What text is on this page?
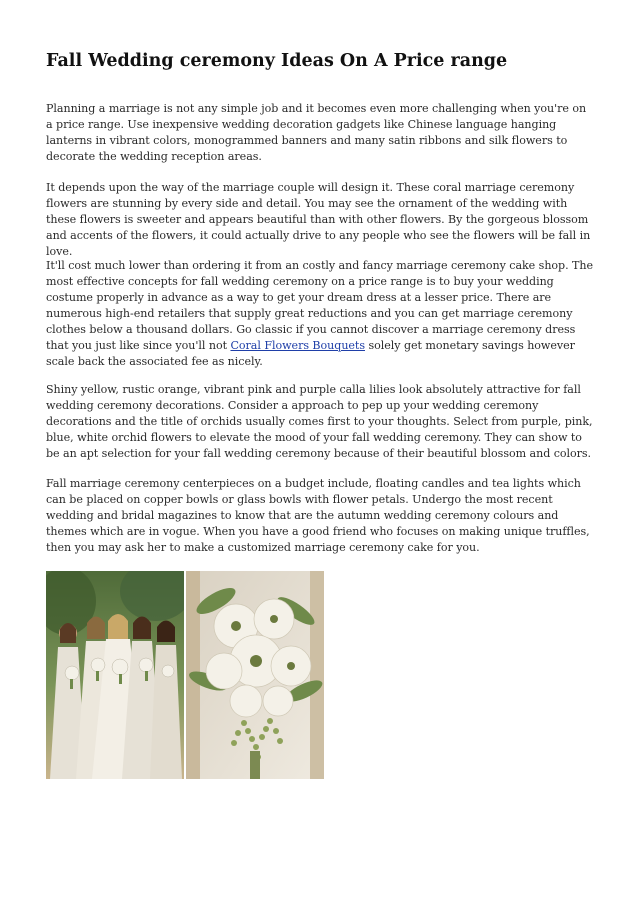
Fall Wedding ceremony Ideas On A Price range

Planning a marriage is not any simple job and it becomes even more challenging when you're on a price range. Use inexpensive wedding decoration gadgets like Chinese language hanging lanterns in vibrant colors, monogrammed banners and many satin ribbons and silk flowers to decorate the wedding reception areas.

It depends upon the way of the marriage couple will design it. These coral marriage ceremony flowers are stunning by every side and detail. You may see the ornament of the wedding with these flowers is sweeter and appears beautiful than with other flowers. By the gorgeous blossom and accents of the flowers, it could actually drive to any people who see the flowers will be fall in love.

It'll cost much lower than ordering it from an costly and fancy marriage ceremony cake shop. The most effective concepts for fall wedding ceremony on a price range is to buy your wedding costume properly in advance as a way to get your dream dress at a lesser price. There are numerous high-end retailers that supply great reductions and you can get marriage ceremony clothes below a thousand dollars. Go classic if you cannot discover a marriage ceremony dress that you just like since you'll not Coral Flowers Bouquets solely get monetary savings however scale back the associated fee as nicely.

Shiny yellow, rustic orange, vibrant pink and purple calla lilies look absolutely attractive for fall wedding ceremony decorations. Consider a approach to pep up your wedding ceremony decorations and the title of orchids usually comes first to your thoughts. Select from purple, pink, blue, white orchid flowers to elevate the mood of your fall wedding ceremony. They can show to be an apt selection for your fall wedding ceremony because of their beautiful blossom and colors.

Fall marriage ceremony centerpieces on a budget include, floating candles and tea lights which can be placed on copper bowls or glass bowls with flower petals. Undergo the most recent wedding and bridal magazines to know that are the autumn wedding ceremony colours and themes which are in vogue. When you have a good friend who focuses on making unique truffles, then you may ask her to make a customized marriage ceremony cake for you.
